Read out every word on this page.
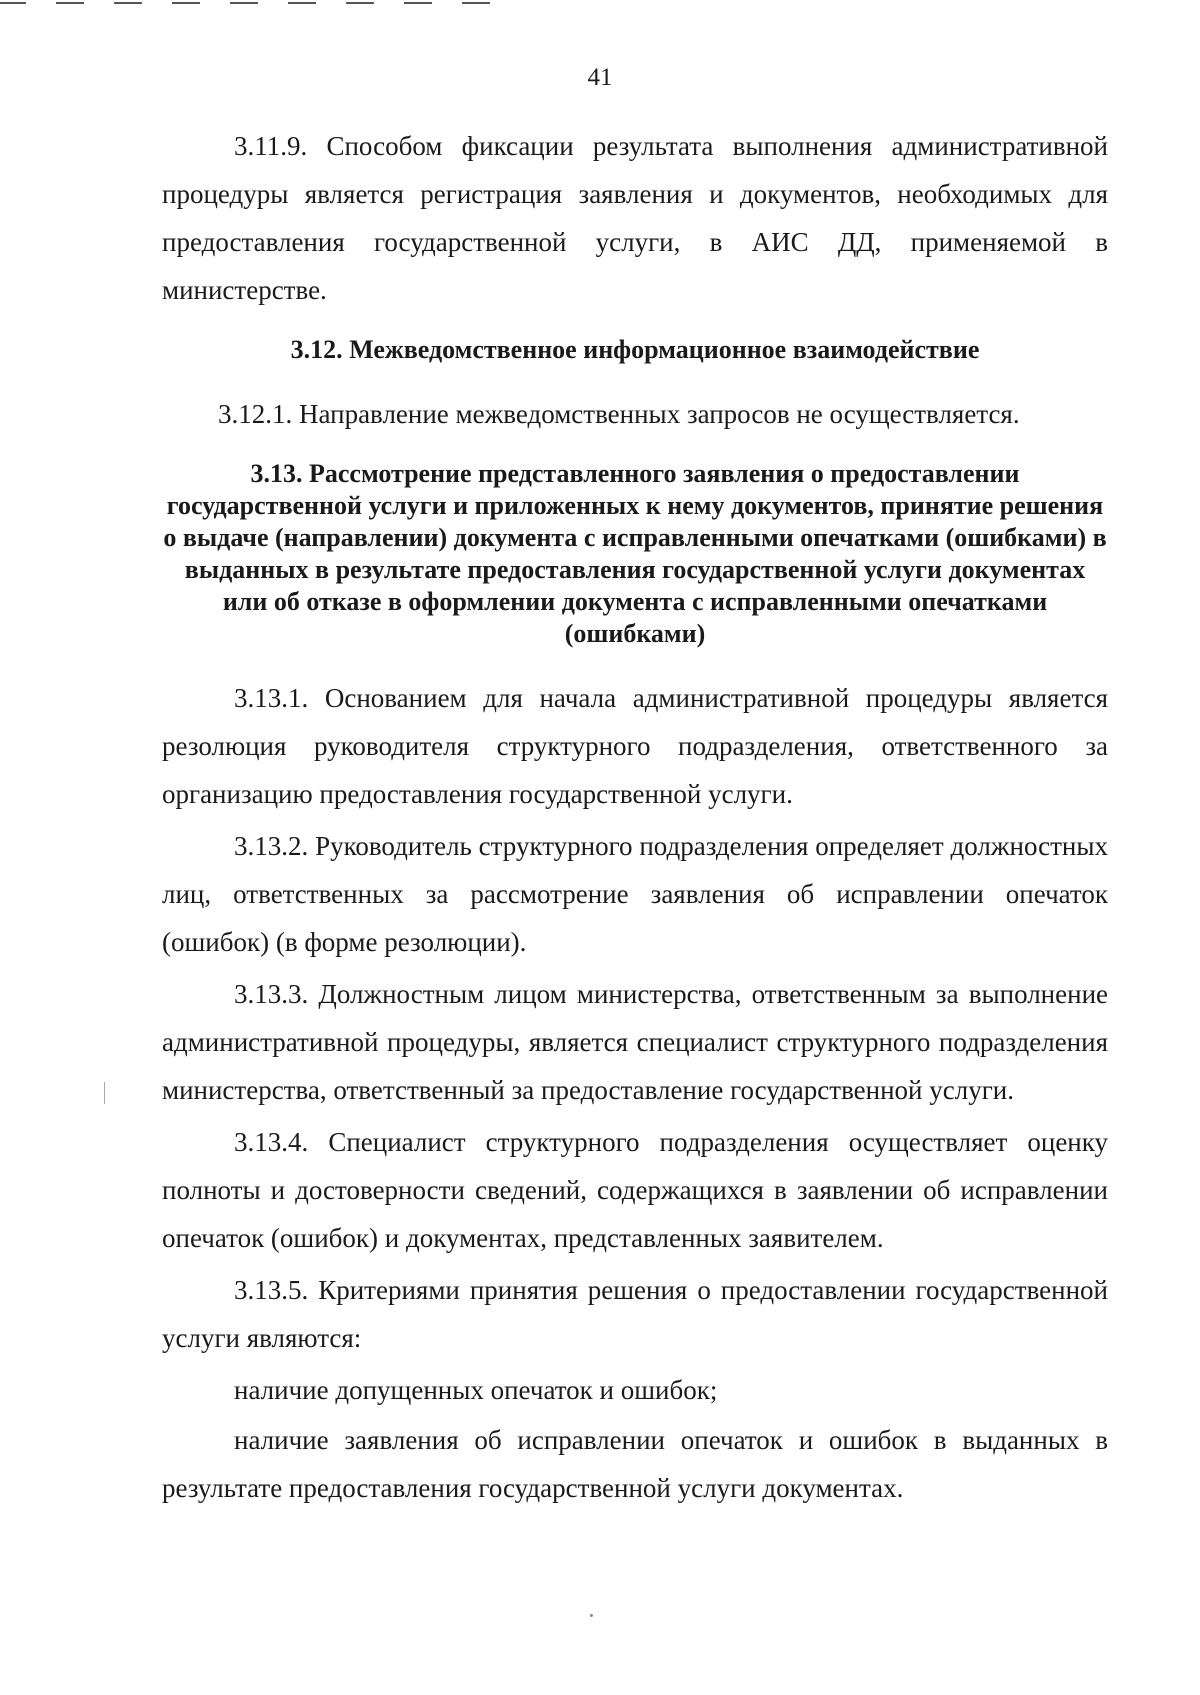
41

3.11.9. Способом фиксации результата выполнения административной процедуры является регистрация заявления и документов, необходимых для предоставления государственной услуги, в АИС ДД, применяемой в министерстве.

3.12. Межведомственное информационное взаимодействие

3.12.1. Направление межведомственных запросов не осуществляется.

3.13. Рассмотрение представленного заявления о предоставлении государственной услуги и приложенных к нему документов, принятие решения о выдаче (направлении) документа с исправленными опечатками (ошибками) в выданных в результате предоставления государственной услуги документах или об отказе в оформлении документа с исправленными опечатками (ошибками)

3.13.1. Основанием для начала административной процедуры является резолюция руководителя структурного подразделения, ответственного за организацию предоставления государственной услуги.

3.13.2. Руководитель структурного подразделения определяет должностных лиц, ответственных за рассмотрение заявления об исправлении опечаток (ошибок) (в форме резолюции).

3.13.3. Должностным лицом министерства, ответственным за выполнение административной процедуры, является специалист структурного подразделения министерства, ответственный за предоставление государственной услуги.

3.13.4. Специалист структурного подразделения осуществляет оценку полноты и достоверности сведений, содержащихся в заявлении об исправлении опечаток (ошибок) и документах, представленных заявителем.

3.13.5. Критериями принятия решения о предоставлении государственной услуги являются:

наличие допущенных опечаток и ошибок;

наличие заявления об исправлении опечаток и ошибок в выданных в результате предоставления государственной услуги документах.
